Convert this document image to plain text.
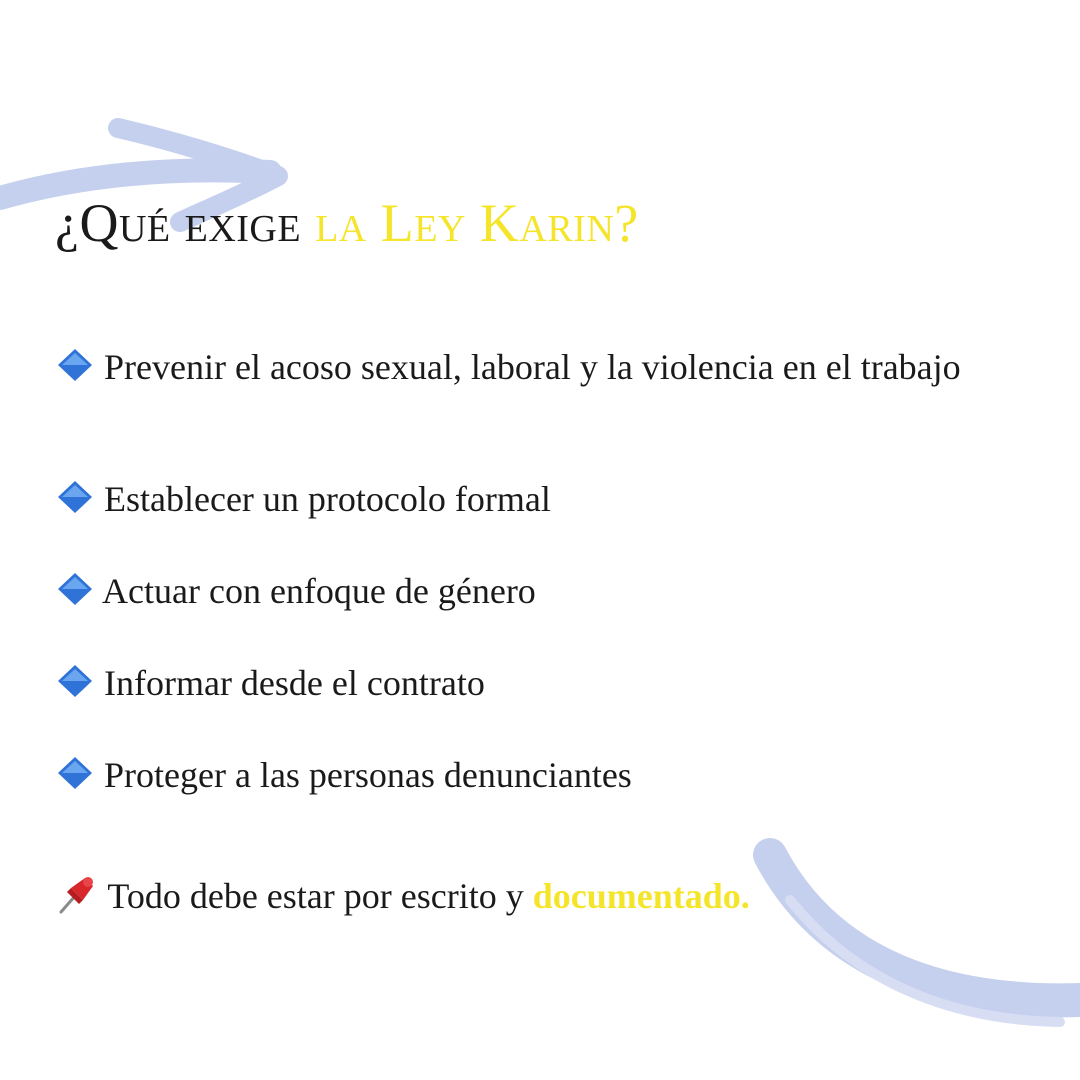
¿Qué exige la Ley Karin?
Prevenir el acoso sexual, laboral y la violencia en el trabajo
Establecer un protocolo formal
Actuar con enfoque de género
Informar desde el contrato
Proteger a las personas denunciantes
Todo debe estar por escrito y documentado.
